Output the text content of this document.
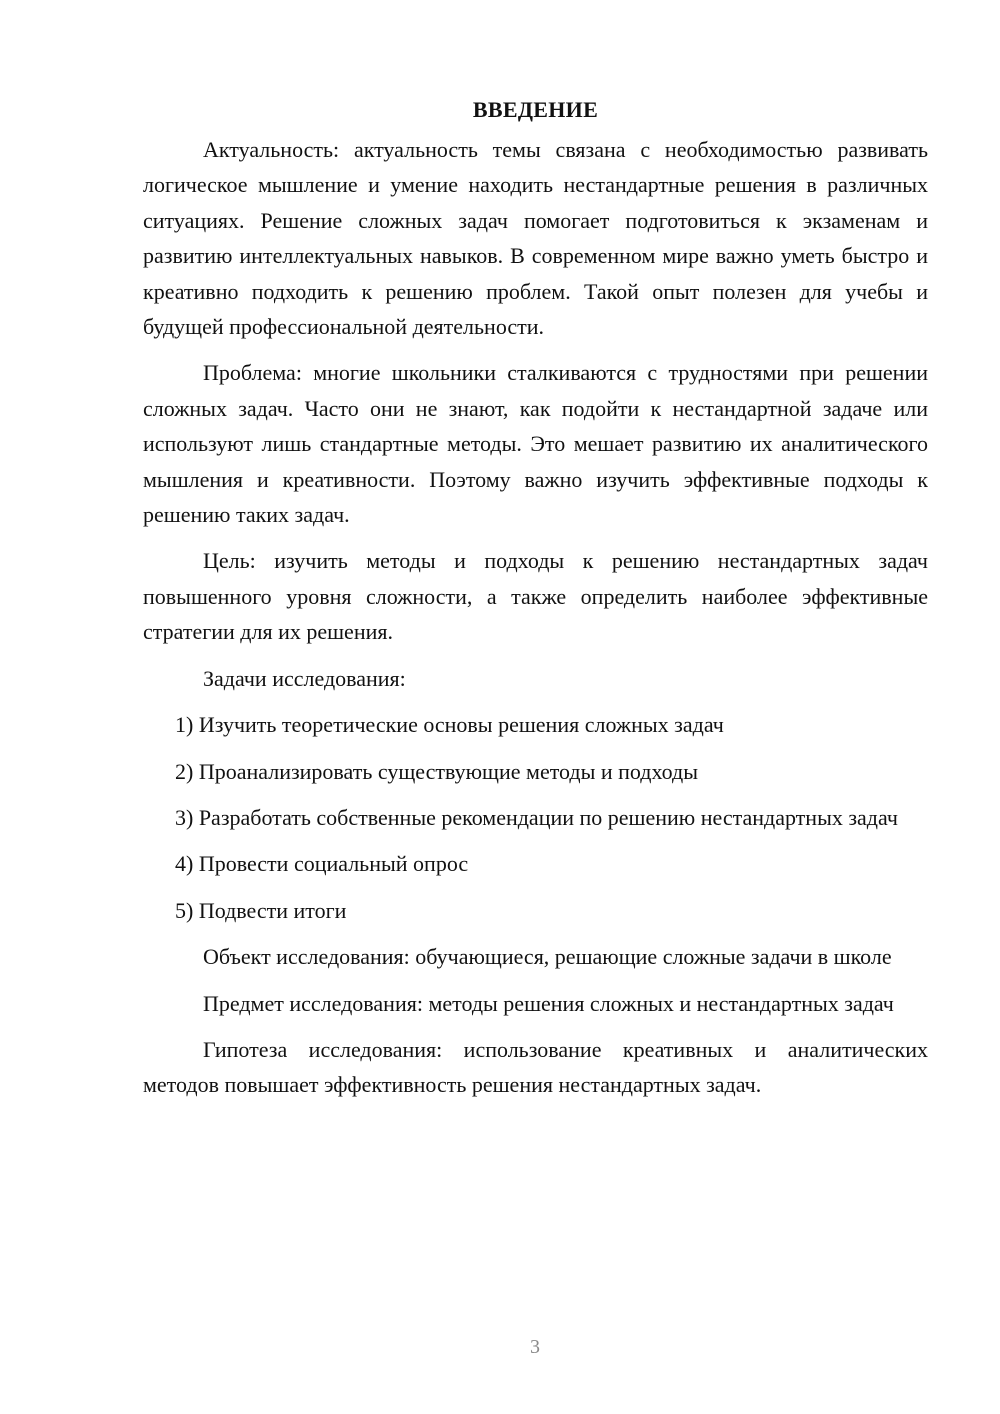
ВВЕДЕНИЕ

Актуальность: актуальность темы связана с необходимостью развивать логическое мышление и умение находить нестандартные решения в различных ситуациях. Решение сложных задач помогает подготовиться к экзаменам и развитию интеллектуальных навыков. В современном мире важно уметь быстро и креативно подходить к решению проблем. Такой опыт полезен для учебы и будущей профессиональной деятельности.

Проблема: многие школьники сталкиваются с трудностями при решении сложных задач. Часто они не знают, как подойти к нестандартной задаче или используют лишь стандартные методы. Это мешает развитию их аналитического мышления и креативности. Поэтому важно изучить эффективные подходы к решению таких задач.

Цель: изучить методы и подходы к решению нестандартных задач повышенного уровня сложности, а также определить наиболее эффективные стратегии для их решения.

Задачи исследования:

1) Изучить теоретические основы решения сложных задач

2) Проанализировать существующие методы и подходы

3) Разработать собственные рекомендации по решению нестандартных задач

4) Провести социальный опрос

5) Подвести итоги

Объект исследования: обучающиеся, решающие сложные задачи в школе

Предмет исследования: методы решения сложных и нестандартных задач

Гипотеза исследования: использование креативных и аналитических методов повышает эффективность решения нестандартных задач.

3
